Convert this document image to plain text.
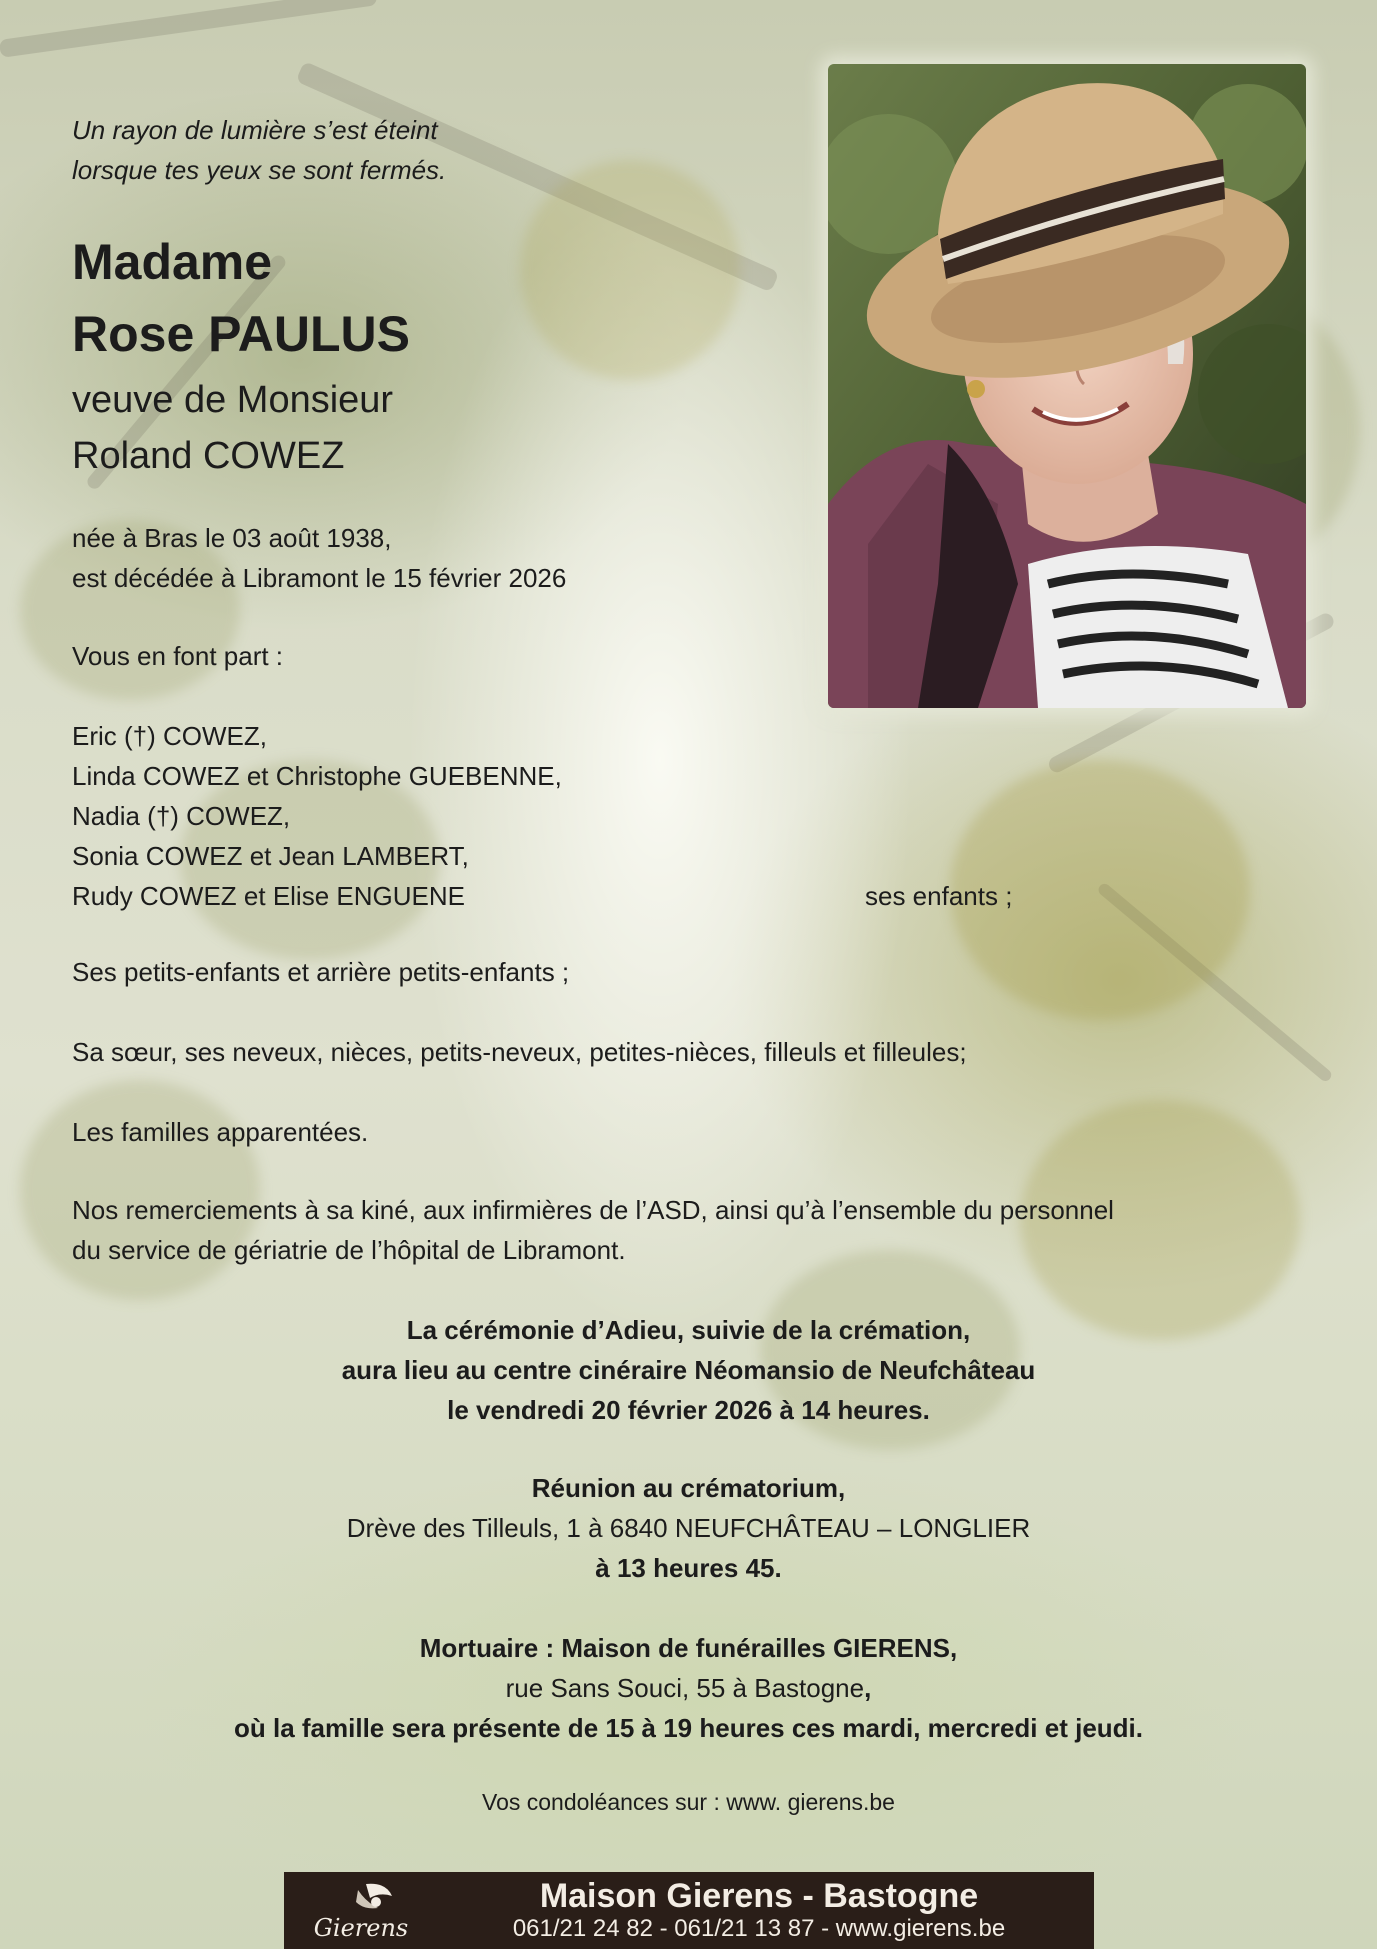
Un rayon de lumière s’est éteint
lorsque tes yeux se sont fermés.
Madame
Rose PAULUS
veuve de Monsieur
Roland COWEZ
née à Bras le 03 août 1938,
est décédée à Libramont le 15 février 2026
Vous en font part :
Eric (†) COWEZ,
Linda COWEZ et Christophe GUEBENNE,
Nadia (†) COWEZ,
Sonia COWEZ et Jean LAMBERT,
Rudy COWEZ et Elise ENGUENE	ses enfants ;
Ses petits-enfants et arrière petits-enfants ;
Sa sœur, ses neveux, nièces, petits-neveux, petites-nièces, filleuls et filleules;
Les familles apparentées.
Nos remerciements à sa kiné, aux infirmières de l’ASD, ainsi qu’à l’ensemble du personnel
du service de gériatrie de l’hôpital de Libramont.
La cérémonie d’Adieu, suivie de la crémation,
aura lieu au centre cinéraire Néomansio de Neufchâteau
le vendredi 20 février 2026 à 14 heures.
Réunion au crématorium,
Drève des Tilleuls, 1 à 6840 NEUFCHÂTEAU – LONGLIER
à 13 heures 45.
Mortuaire : Maison de funérailles GIERENS,
rue Sans Souci, 55 à Bastogne,
où la famille sera présente de 15 à 19 heures ces mardi, mercredi et jeudi.
Vos condoléances sur : www. gierens.be
Gierens
Maison Gierens - Bastogne
061/21 24 82 - 061/21 13 87 - www.gierens.be
